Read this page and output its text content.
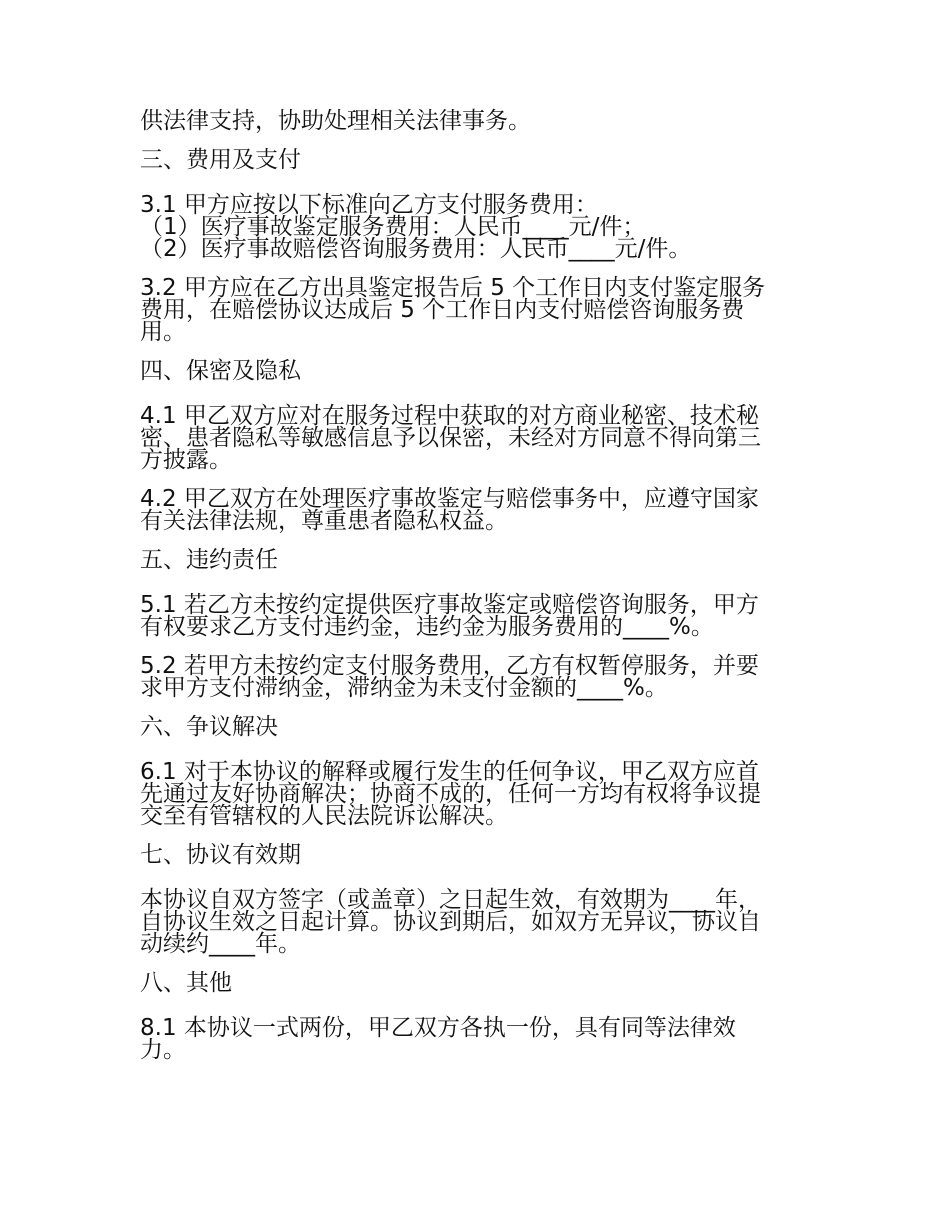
供法律支持，协助处理相关法律事务。
三、费用及支付
3.1 甲方应按以下标准向乙方支付服务费用：
（1）医疗事故鉴定服务费用：人民币____元/件；
（2）医疗事故赔偿咨询服务费用：人民币____元/件。
3.2 甲方应在乙方出具鉴定报告后 5 个工作日内支付鉴定服务
费用，在赔偿协议达成后 5 个工作日内支付赔偿咨询服务费
用。
四、保密及隐私
4.1 甲乙双方应对在服务过程中获取的对方商业秘密、技术秘
密、患者隐私等敏感信息予以保密，未经对方同意不得向第三
方披露。
4.2 甲乙双方在处理医疗事故鉴定与赔偿事务中，应遵守国家
有关法律法规，尊重患者隐私权益。
五、违约责任
5.1 若乙方未按约定提供医疗事故鉴定或赔偿咨询服务，甲方
有权要求乙方支付违约金，违约金为服务费用的____%。
5.2 若甲方未按约定支付服务费用，乙方有权暂停服务，并要
求甲方支付滞纳金，滞纳金为未支付金额的____%。
六、争议解决
6.1 对于本协议的解释或履行发生的任何争议，甲乙双方应首
先通过友好协商解决；协商不成的，任何一方均有权将争议提
交至有管辖权的人民法院诉讼解决。
七、协议有效期
本协议自双方签字（或盖章）之日起生效，有效期为____年，
自协议生效之日起计算。协议到期后，如双方无异议，协议自
动续约____年。
八、其他
8.1 本协议一式两份，甲乙双方各执一份，具有同等法律效
力。
